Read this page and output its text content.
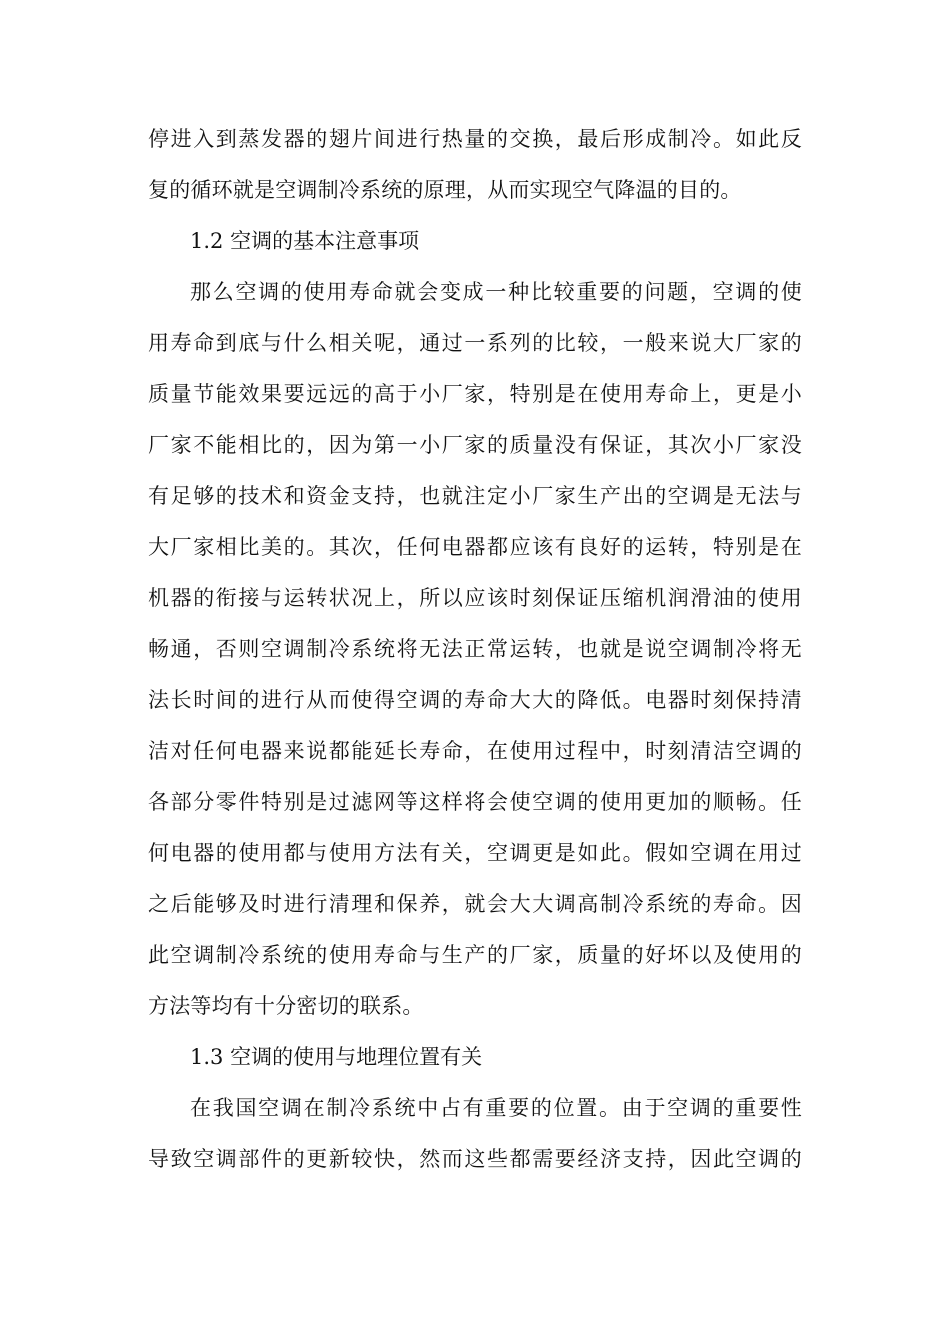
停进入到蒸发器的翅片间进行热量的交换，最后形成制冷。如此反
复的循环就是空调制冷系统的原理，从而实现空气降温的目的。
1.2 空调的基本注意事项
那么空调的使用寿命就会变成一种比较重要的问题，空调的使
用寿命到底与什么相关呢，通过一系列的比较，一般来说大厂家的
质量节能效果要远远的高于小厂家，特别是在使用寿命上，更是小
厂家不能相比的，因为第一小厂家的质量没有保证，其次小厂家没
有足够的技术和资金支持，也就注定小厂家生产出的空调是无法与
大厂家相比美的。其次，任何电器都应该有良好的运转，特别是在
机器的衔接与运转状况上，所以应该时刻保证压缩机润滑油的使用
畅通，否则空调制冷系统将无法正常运转，也就是说空调制冷将无
法长时间的进行从而使得空调的寿命大大的降低。电器时刻保持清
洁对任何电器来说都能延长寿命，在使用过程中，时刻清洁空调的
各部分零件特别是过滤网等这样将会使空调的使用更加的顺畅。任
何电器的使用都与使用方法有关，空调更是如此。假如空调在用过
之后能够及时进行清理和保养，就会大大调高制冷系统的寿命。因
此空调制冷系统的使用寿命与生产的厂家，质量的好坏以及使用的
方法等均有十分密切的联系。
1.3 空调的使用与地理位置有关
在我国空调在制冷系统中占有重要的位置。由于空调的重要性
导致空调部件的更新较快，然而这些都需要经济支持，因此空调的
